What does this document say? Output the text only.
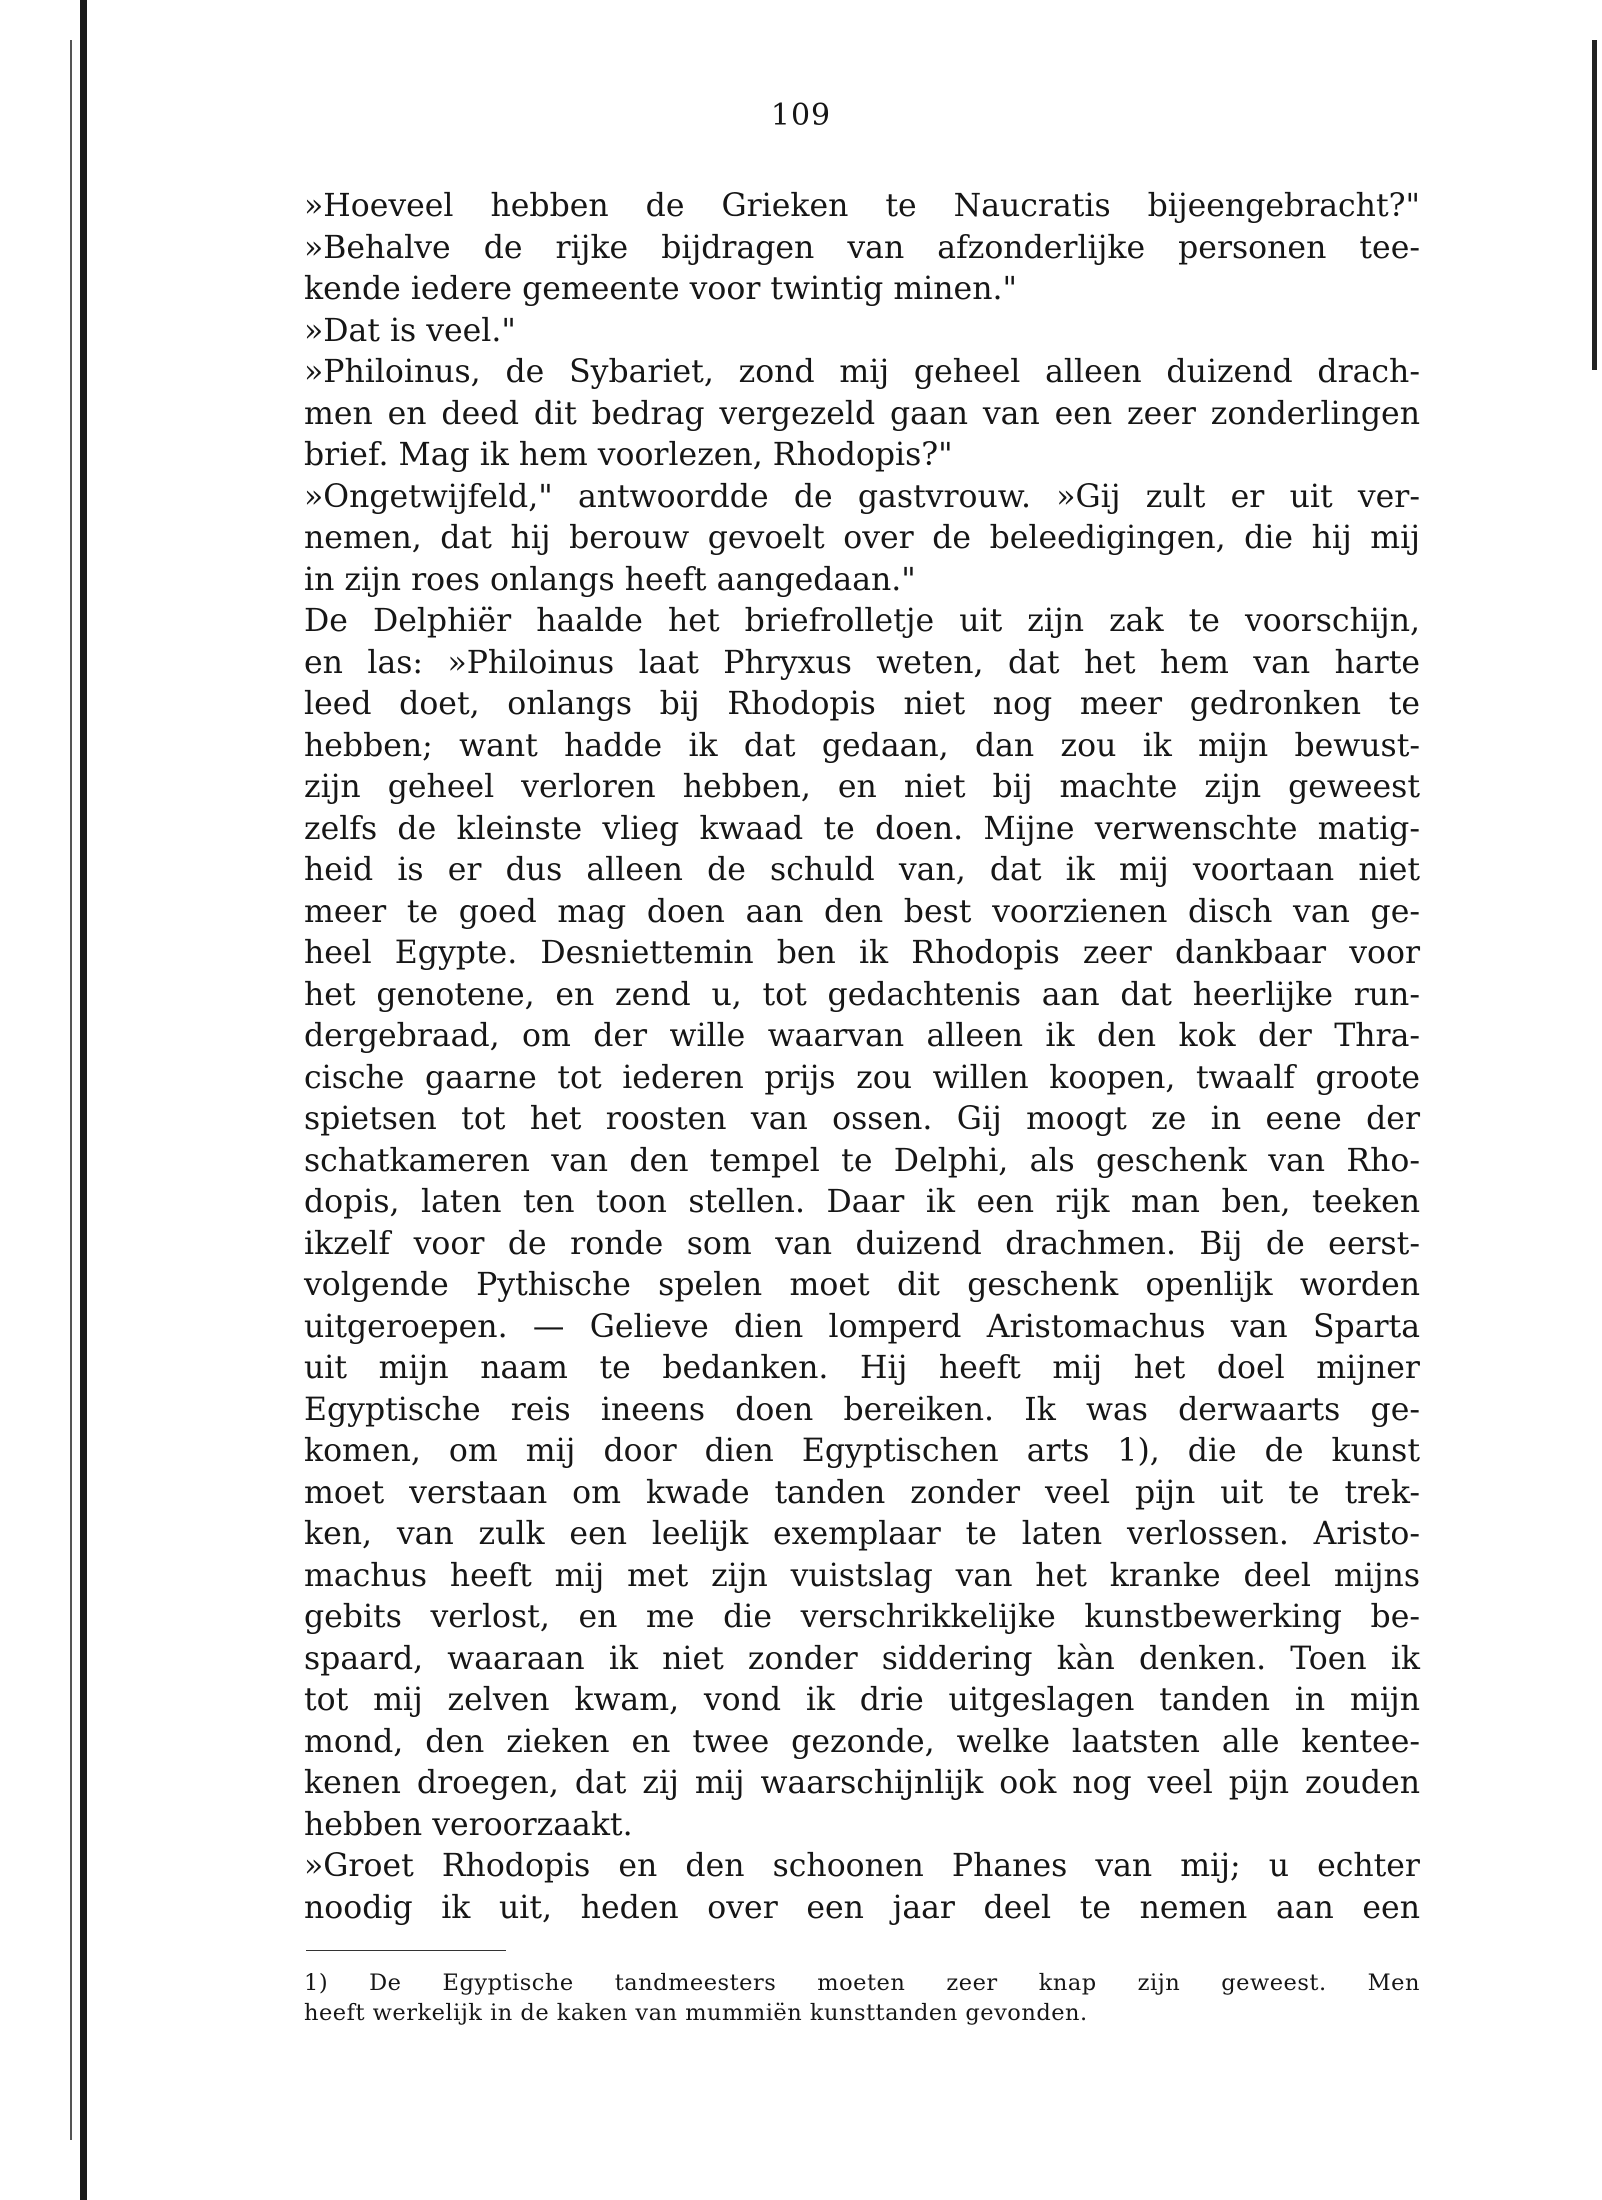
109
»Hoeveel hebben de Grieken te Naucratis bijeengebracht?"
»Behalve de rijke bijdragen van afzonderlijke personen tee-
kende iedere gemeente voor twintig minen."
»Dat is veel."
»Philoinus, de Sybariet, zond mij geheel alleen duizend drach-
men en deed dit bedrag vergezeld gaan van een zeer zonderlingen
brief. Mag ik hem voorlezen, Rhodopis?"
»Ongetwijfeld," antwoordde de gastvrouw. »Gij zult er uit ver-
nemen, dat hij berouw gevoelt over de beleedigingen, die hij mij
in zijn roes onlangs heeft aangedaan."
De Delphiër haalde het briefrolletje uit zijn zak te voorschijn,
en las: »Philoinus laat Phryxus weten, dat het hem van harte
leed doet, onlangs bij Rhodopis niet nog meer gedronken te
hebben; want hadde ik dat gedaan, dan zou ik mijn bewust-
zijn geheel verloren hebben, en niet bij machte zijn geweest
zelfs de kleinste vlieg kwaad te doen. Mijne verwenschte matig-
heid is er dus alleen de schuld van, dat ik mij voortaan niet
meer te goed mag doen aan den best voorzienen disch van ge-
heel Egypte. Desniettemin ben ik Rhodopis zeer dankbaar voor
het genotene, en zend u, tot gedachtenis aan dat heerlijke run-
dergebraad, om der wille waarvan alleen ik den kok der Thra-
cische gaarne tot iederen prijs zou willen koopen, twaalf groote
spietsen tot het roosten van ossen. Gij moogt ze in eene der
schatkameren van den tempel te Delphi, als geschenk van Rho-
dopis, laten ten toon stellen. Daar ik een rijk man ben, teeken
ikzelf voor de ronde som van duizend drachmen. Bij de eerst-
volgende Pythische spelen moet dit geschenk openlijk worden
uitgeroepen. — Gelieve dien lomperd Aristomachus van Sparta
uit mijn naam te bedanken. Hij heeft mij het doel mijner
Egyptische reis ineens doen bereiken. Ik was derwaarts ge-
komen, om mij door dien Egyptischen arts 1), die de kunst
moet verstaan om kwade tanden zonder veel pijn uit te trek-
ken, van zulk een leelijk exemplaar te laten verlossen. Aristo-
machus heeft mij met zijn vuistslag van het kranke deel mijns
gebits verlost, en me die verschrikkelijke kunstbewerking be-
spaard, waaraan ik niet zonder siddering kàn denken. Toen ik
tot mij zelven kwam, vond ik drie uitgeslagen tanden in mijn
mond, den zieken en twee gezonde, welke laatsten alle kentee-
kenen droegen, dat zij mij waarschijnlijk ook nog veel pijn zouden
hebben veroorzaakt.
»Groet Rhodopis en den schoonen Phanes van mij; u echter
noodig ik uit, heden over een jaar deel te nemen aan een
1) De Egyptische tandmeesters moeten zeer knap zijn geweest. Men
heeft werkelijk in de kaken van mummiën kunsttanden gevonden.
